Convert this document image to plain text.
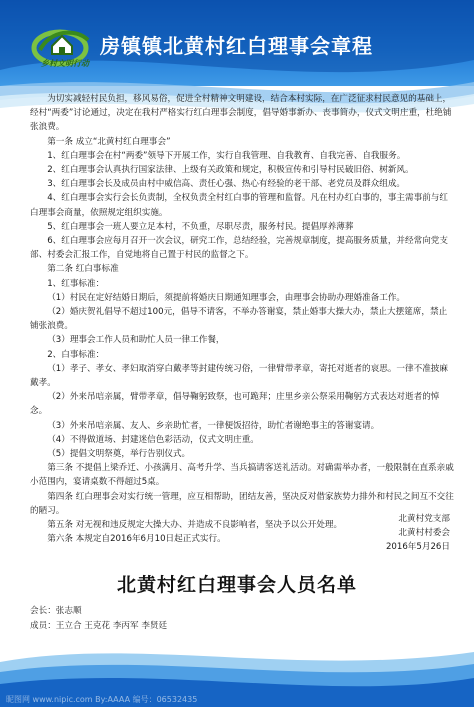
乡村文明行动
房镇镇北黄村红白理事会章程

为切实减轻村民负担，移风易俗，促进全村精神文明建设，结合本村实际，在广泛征求村民意见的基础上，经村“两委”讨论通过，决定在我村严格实行红白理事会制度，倡导婚事新办、丧事简办，仪式文明庄重，杜绝铺张浪费。

第一条 成立“北黄村红白理事会”

1、红白理事会在村“两委”领导下开展工作，实行自我管理、自我教育、自我完善、自我服务。

2、红白理事会认真执行国家法律、上级有关政策和规定，积极宣传和引导村民破旧俗、树新风。

3、红白理事会长及成员由村中威信高、责任心强、热心有经验的老干部、老党员及群众组成。

4、红白理事会实行会长负责制，全权负责全村红白事的管理和监督。凡在村办红白事的，事主需事前与红白理事会商量，依照规定组织实施。

5、红白理事会一班人要立足本村，不负重，尽职尽责，服务村民。提倡厚养薄葬

6、红白理事会应每月召开一次会议，研究工作，总结经验，完善规章制度，提高服务质量，并经常向党支部、村委会汇报工作，自觉地将自己置于村民的监督之下。

第二条 红白事标准

1、红事标准：

（1）村民在定好结婚日期后，须提前将婚庆日期通知理事会，由理事会协助办理婚准备工作。

（2）婚庆贺礼倡导不超过100元，倡导不请客，不举办答谢宴，禁止婚事大操大办，禁止大摆筵席，禁止铺张浪费。

（3）理事会工作人员和助忙人员一律工作餐，

2、白事标准：

（1）孝子、孝女、孝妇取消穿白戴孝等封建传统习俗，一律臂带孝章，寄托对逝者的哀思。一律不准披麻戴孝。

（2）外来吊唁亲属，臂带孝章，倡导鞠躬致祭，也可跪拜；庄里乡亲公祭采用鞠躬方式表达对逝者的悼念。

（3）外来吊唁亲属、友人、乡亲助忙者，一律便饭招待，助忙者谢绝事主的答谢宴请。

（4）不得做道场、封建迷信色彩活动，仪式文明庄重。

（5）提倡文明祭奠，举行告别仪式。

第三条 不提倡上梁乔迁、小孩满月、高考升学、当兵搞请客送礼活动。对确需举办者，一般限制在直系亲戚小范围内，宴请桌数不得超过5桌。

第四条 红白理事会对实行统一管理，应互相帮助，团结友善，坚决反对借家族势力排外和村民之间互不交往的陋习。

第五条 对无视和违反规定大操大办、并造成不良影响者，坚决予以公开处理。

第六条 本规定自2016年6月10日起正式实行。

北黄村党支部
北黄村村委会
2016年5月26日
北黄村红白理事会人员名单
会长：张志顺
成员：王立合 王克花 李丙军 李贤廷
昵图网 www.nipic.com By:AAAA 编号：06532435
